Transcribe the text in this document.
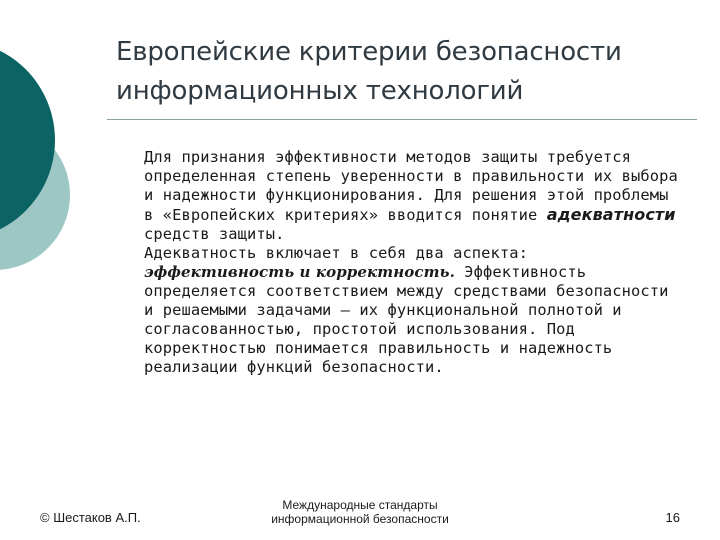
Европейские критерии безопасности
информационных технологий

Для признания эффективности методов защиты требуется определенная степень уверенности в правильности их выбора и надежности функционирования. Для решения этой проблемы в «Европейских критериях» вводится понятие адекватности средств защиты.

Адекватность включает в себя два аспекта: эффективность и корректность. Эффективность определяется соответствием между средствами безопасности и решаемыми задачами – их функциональной полнотой и согласованностью, простотой использования. Под корректностью понимается правильность и надежность реализации функций безопасности.

© Шестаков А.П.
Международные стандарты
информационной безопасности	16
